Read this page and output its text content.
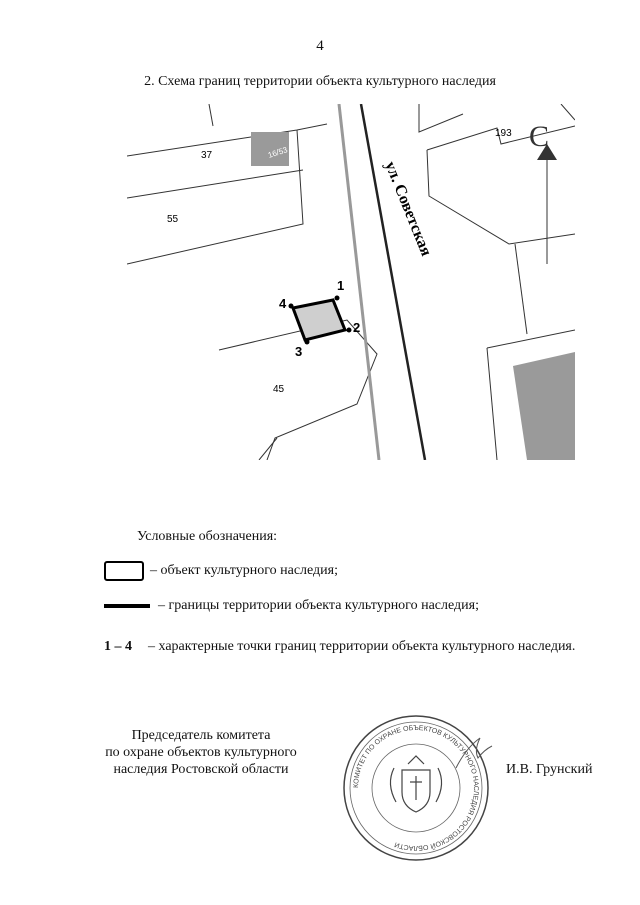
4
2. Схема границ территории объекта культурного наследия
С
193
37
55
45
16/53
ул. Советская
1
2
3
4
Условные обозначения:
– объект культурного наследия;
– границы территории объекта культурного наследия;
1 – 4 – характерные точки границ территории объекта культурного наследия.
Председатель комитета
по охране объектов культурного
наследия Ростовской области
КОМИТЕТ ПО ОХРАНЕ ОБЪЕКТОВ КУЛЬТУРНОГО НАСЛЕДИЯ РОСТОВСКОЙ ОБЛАСТИ
И.В. Грунский
